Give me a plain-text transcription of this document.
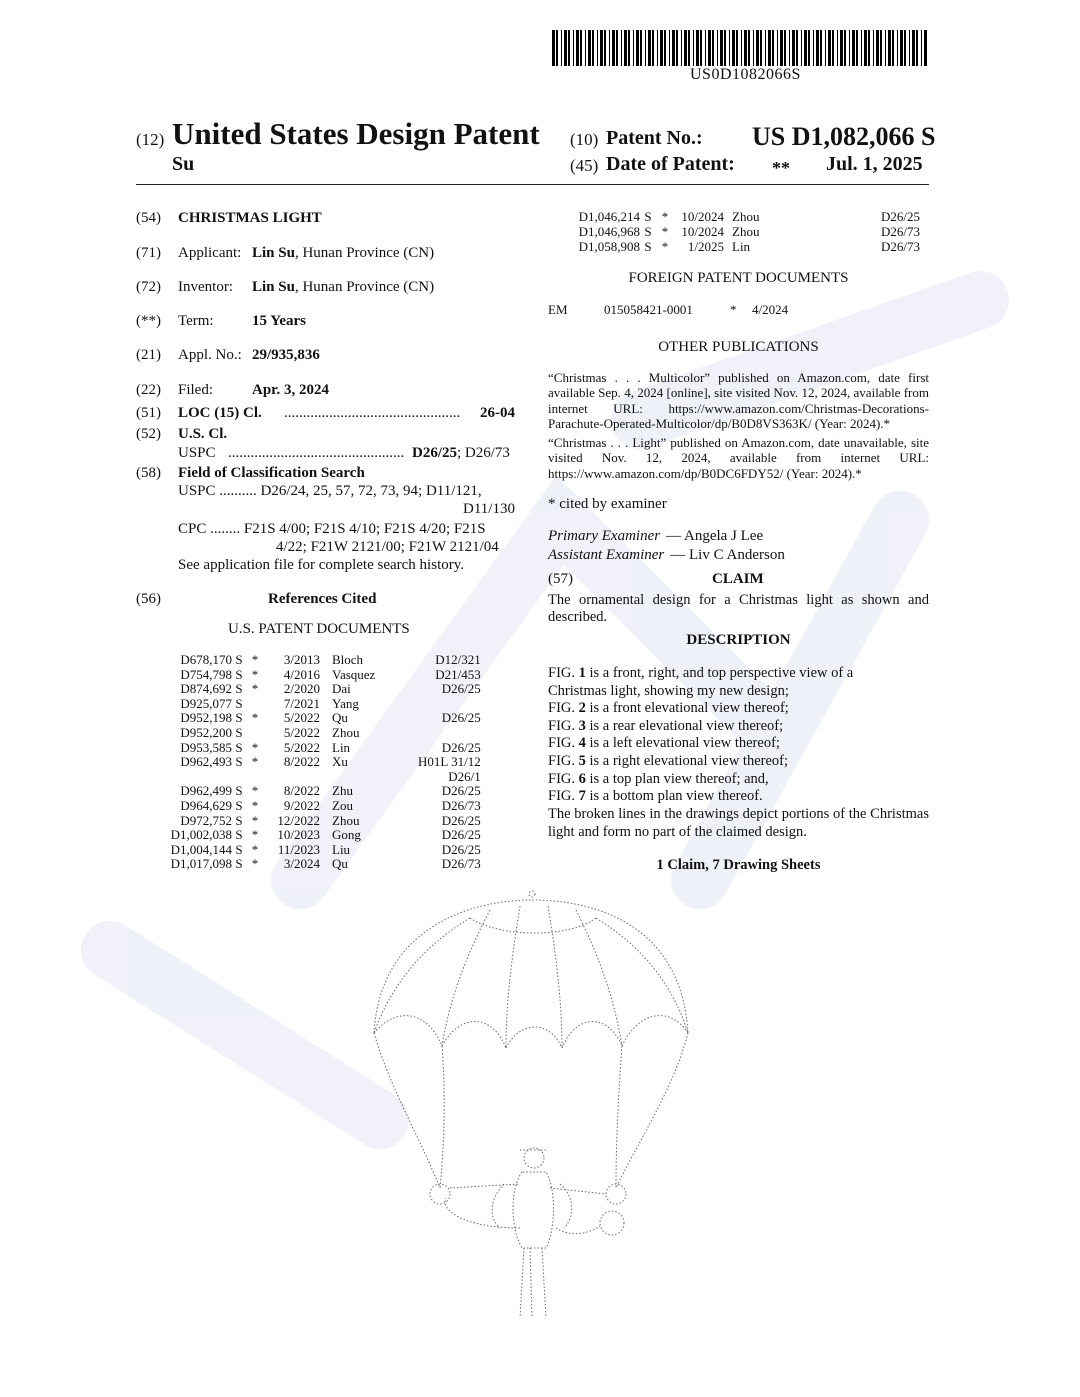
US0D1082066S
(12) United States Design Patent
Su
(10) Patent No.: US D1,082,066 S
(45) Date of Patent: ** Jul. 1, 2025
(54)	CHRISTMAS LIGHT
(71)	Applicant: Lin Su , Hunan Province (CN)
(72)	Inventor:	Lin Su , Hunan Province (CN)
(**)	Term:	15 Years
(21)	Appl. No.: 29/935,836
(22)	Filed:	Apr. 3, 2024
(51)	LOC (15) Cl.	...............................................	26-04
(52)	U.S. Cl.
USPC ............................................... D26/25 ; D26/73
(58)	Field of Classification Search
USPC .......... D26/24, 25, 57, 72, 73, 94; D11/121,
D11/130
CPC ........ F21S 4/00; F21S 4/10; F21S 4/20; F21S
4/22; F21W 2121/00; F21W 2121/04
See application file for complete search history.
(56)	References Cited
U.S. PATENT DOCUMENTS
D678,170	S	*	3/2013	Bloch	D12/321
D754,798	S	*	4/2016	Vasquez	D21/453
D874,692	S	*	2/2020	Dai	D26/25
D925,077	S		7/2021	Yang	
D952,198	S	*	5/2022	Qu	D26/25
D952,200	S		5/2022	Zhou	
D953,585	S	*	5/2022	Lin	D26/25
D962,493	S	*	8/2022	Xu	H01L 31/12
					D26/1
D962,499	S	*	8/2022	Zhu	D26/25
D964,629	S	*	9/2022	Zou	D26/73
D972,752	S	*	12/2022	Zhou	D26/25
D1,002,038	S	*	10/2023	Gong	D26/25
D1,004,144	S	*	11/2023	Liu	D26/25
D1,017,098	S	*	3/2024	Qu	D26/73
D1,046,214	S	*	10/2024	Zhou	D26/25
D1,046,968	S	*	10/2024	Zhou	D26/73
D1,058,908	S	*	1/2025	Lin	D26/73
FOREIGN PATENT DOCUMENTS
EM	015058421-0001	*	4/2024
OTHER PUBLICATIONS
“Christmas . . . Multicolor” published on Amazon.com, date first available Sep. 4, 2024 [online], site visited Nov. 12, 2024, available from internet URL: https://www.amazon.com/Christmas-Decorations-Parachute-Operated-Multicolor/dp/B0D8VS363K/ (Year: 2024).*
“Christmas . . . Light” published on Amazon.com, date unavailable, site visited Nov. 12, 2024, available from internet URL: https://www.amazon.com/dp/B0DC6FDY52/ (Year: 2024).*
* cited by examiner
Primary Examiner — Angela J Lee
Assistant Examiner — Liv C Anderson
(57)	CLAIM
The ornamental design for a Christmas light as shown and described.
DESCRIPTION
FIG. 1 is a front, right, and top perspective view of a
Christmas light, showing my new design;
FIG. 2 is a front elevational view thereof;
FIG. 3 is a rear elevational view thereof;
FIG. 4 is a left elevational view thereof;
FIG. 5 is a right elevational view thereof;
FIG. 6 is a top plan view thereof; and,
FIG. 7 is a bottom plan view thereof.
The broken lines in the drawings depict portions of the Christmas light and form no part of the claimed design.
1 Claim, 7 Drawing Sheets
